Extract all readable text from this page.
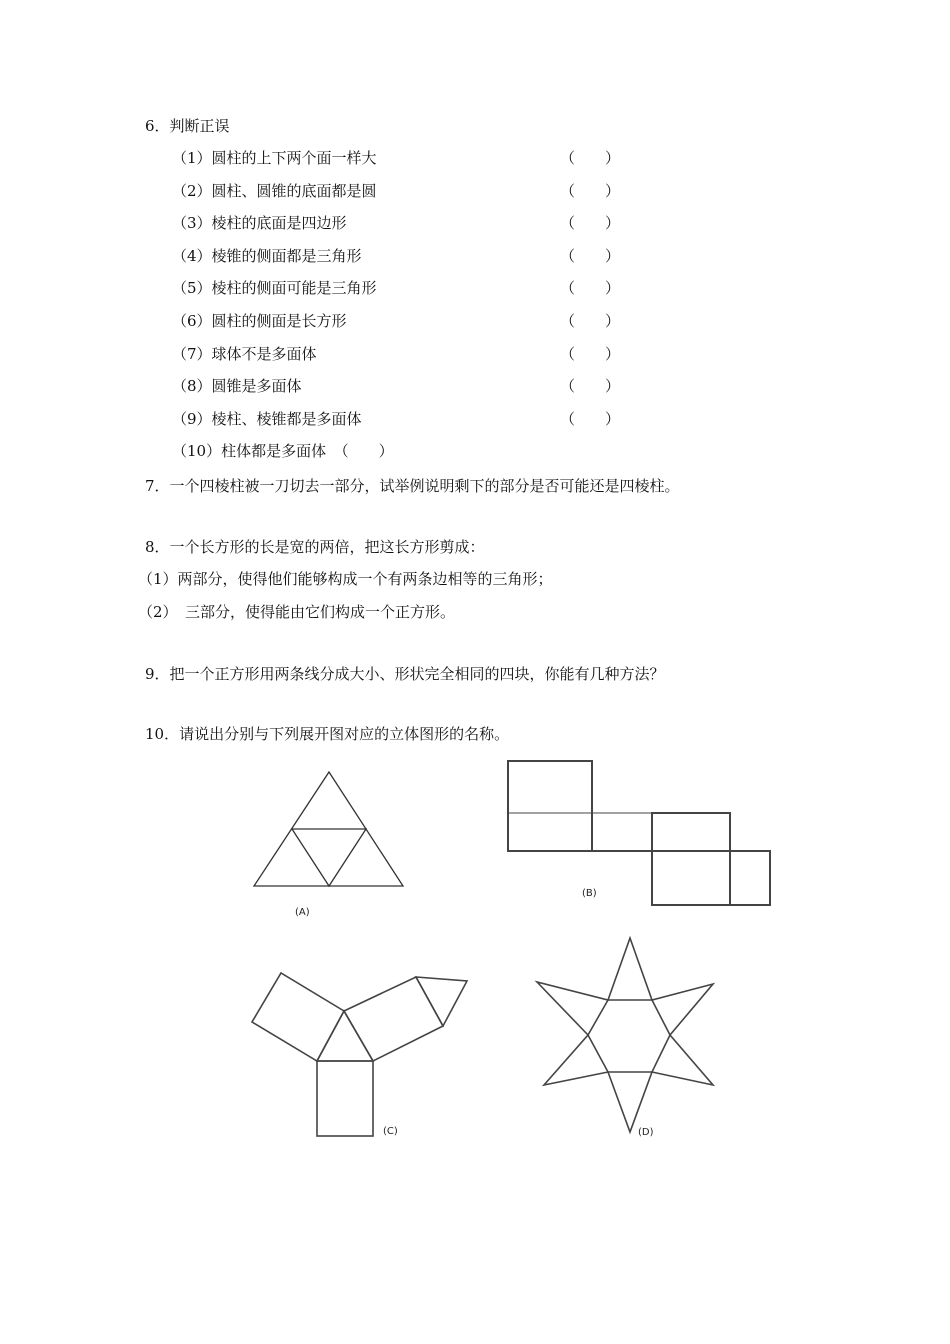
6．判断正误
（1）圆柱的上下两个面一样大	（　　）
（2）圆柱、圆锥的底面都是圆	（　　）
（3）棱柱的底面是四边形	（　　）
（4）棱锥的侧面都是三角形	（　　）
（5）棱柱的侧面可能是三角形	（　　）
（6）圆柱的侧面是长方形	（　　）
（7）球体不是多面体	（　　）
（8）圆锥是多面体	（　　）
（9）棱柱、棱锥都是多面体	（　　）
（10）柱体都是多面体　（　　）
7．一个四棱柱被一刀切去一部分，试举例说明剩下的部分是否可能还是四棱柱。
8．一个长方形的长是宽的两倍，把这长方形剪成：
（1）两部分，使得他们能够构成一个有两条边相等的三角形；
（2）　三部分，使得能由它们构成一个正方形。
9．把一个正方形用两条线分成大小、形状完全相同的四块，你能有几种方法？
10．请说出分别与下列展开图对应的立体图形的名称。
(A)
(B)
(C)	(D)
